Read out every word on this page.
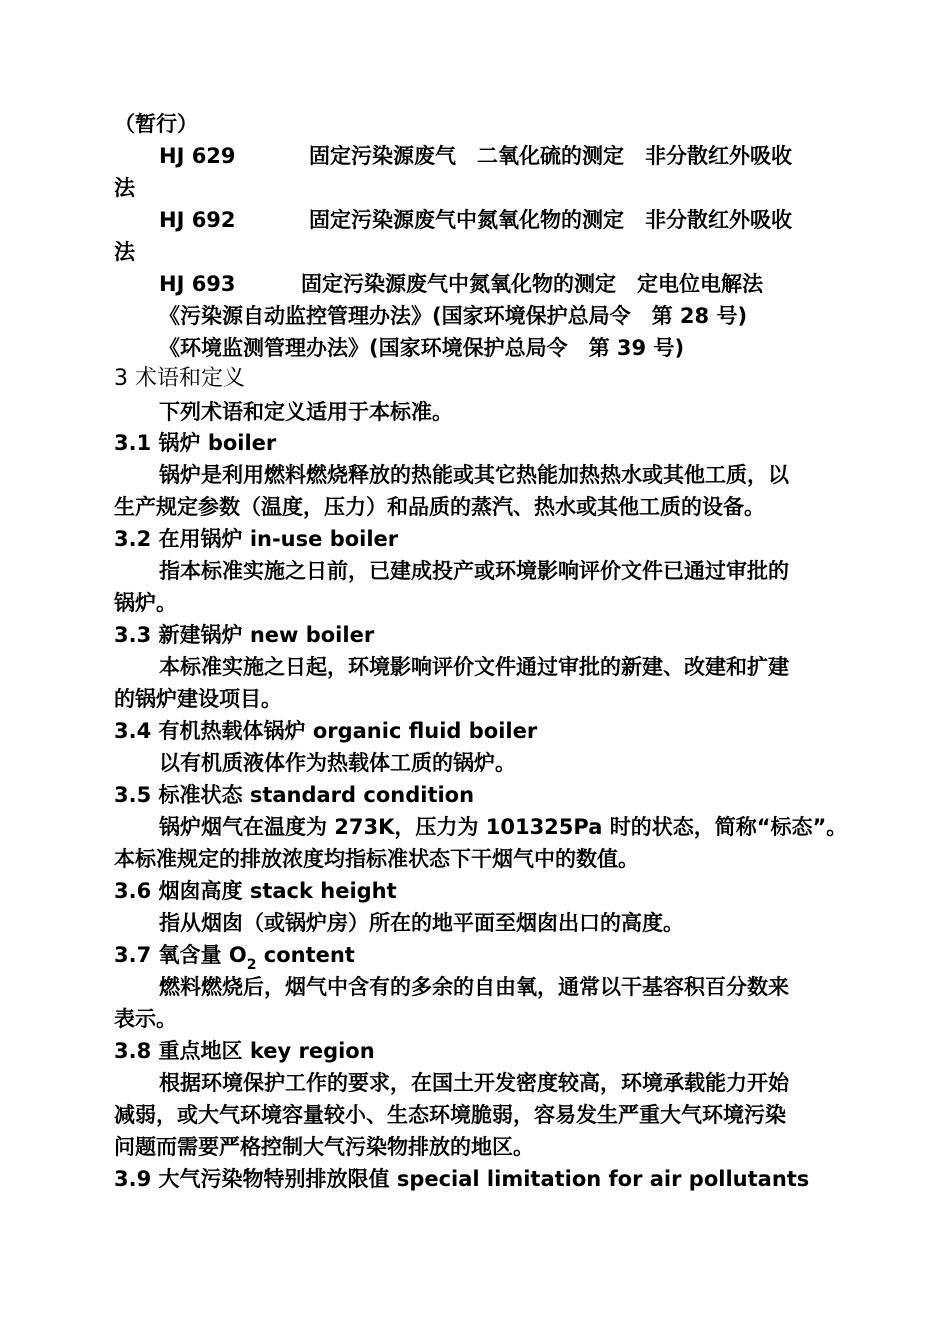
（暂行）
HJ 629	固定污染源废气　二氧化硫的测定　非分散红外吸收
法
HJ 692	固定污染源废气中氮氧化物的测定　非分散红外吸收
法
HJ 693	固定污染源废气中氮氧化物的测定　定电位电解法
《污染源自动监控管理办法》(国家环境保护总局令　第 28 号)
《环境监测管理办法》(国家环境保护总局令　第 39 号)
3 术语和定义
下列术语和定义适用于本标准。
3.1 锅炉 boiler
锅炉是利用燃料燃烧释放的热能或其它热能加热热水或其他工质，以
生产规定参数（温度，压力）和品质的蒸汽、热水或其他工质的设备。
3.2 在用锅炉 in-use boiler
指本标准实施之日前，已建成投产或环境影响评价文件已通过审批的
锅炉。
3.3 新建锅炉 new boiler
本标准实施之日起，环境影响评价文件通过审批的新建、改建和扩建
的锅炉建设项目。
3.4 有机热载体锅炉 organic fluid boiler
以有机质液体作为热载体工质的锅炉。
3.5 标准状态 standard condition
锅炉烟气在温度为 273K，压力为 101325Pa 时的状态，简称“标态”。
本标准规定的排放浓度均指标准状态下干烟气中的数值。
3.6 烟囱高度 stack height
指从烟囱（或锅炉房）所在的地平面至烟囱出口的高度。
3.7 氧含量 $O_2$ content
燃料燃烧后，烟气中含有的多余的自由氧，通常以干基容积百分数来
表示。
3.8 重点地区 key region
根据环境保护工作的要求，在国土开发密度较高，环境承载能力开始
减弱，或大气环境容量较小、生态环境脆弱，容易发生严重大气环境污染
问题而需要严格控制大气污染物排放的地区。
3.9 大气污染物特别排放限值 special limitation for air pollutants
